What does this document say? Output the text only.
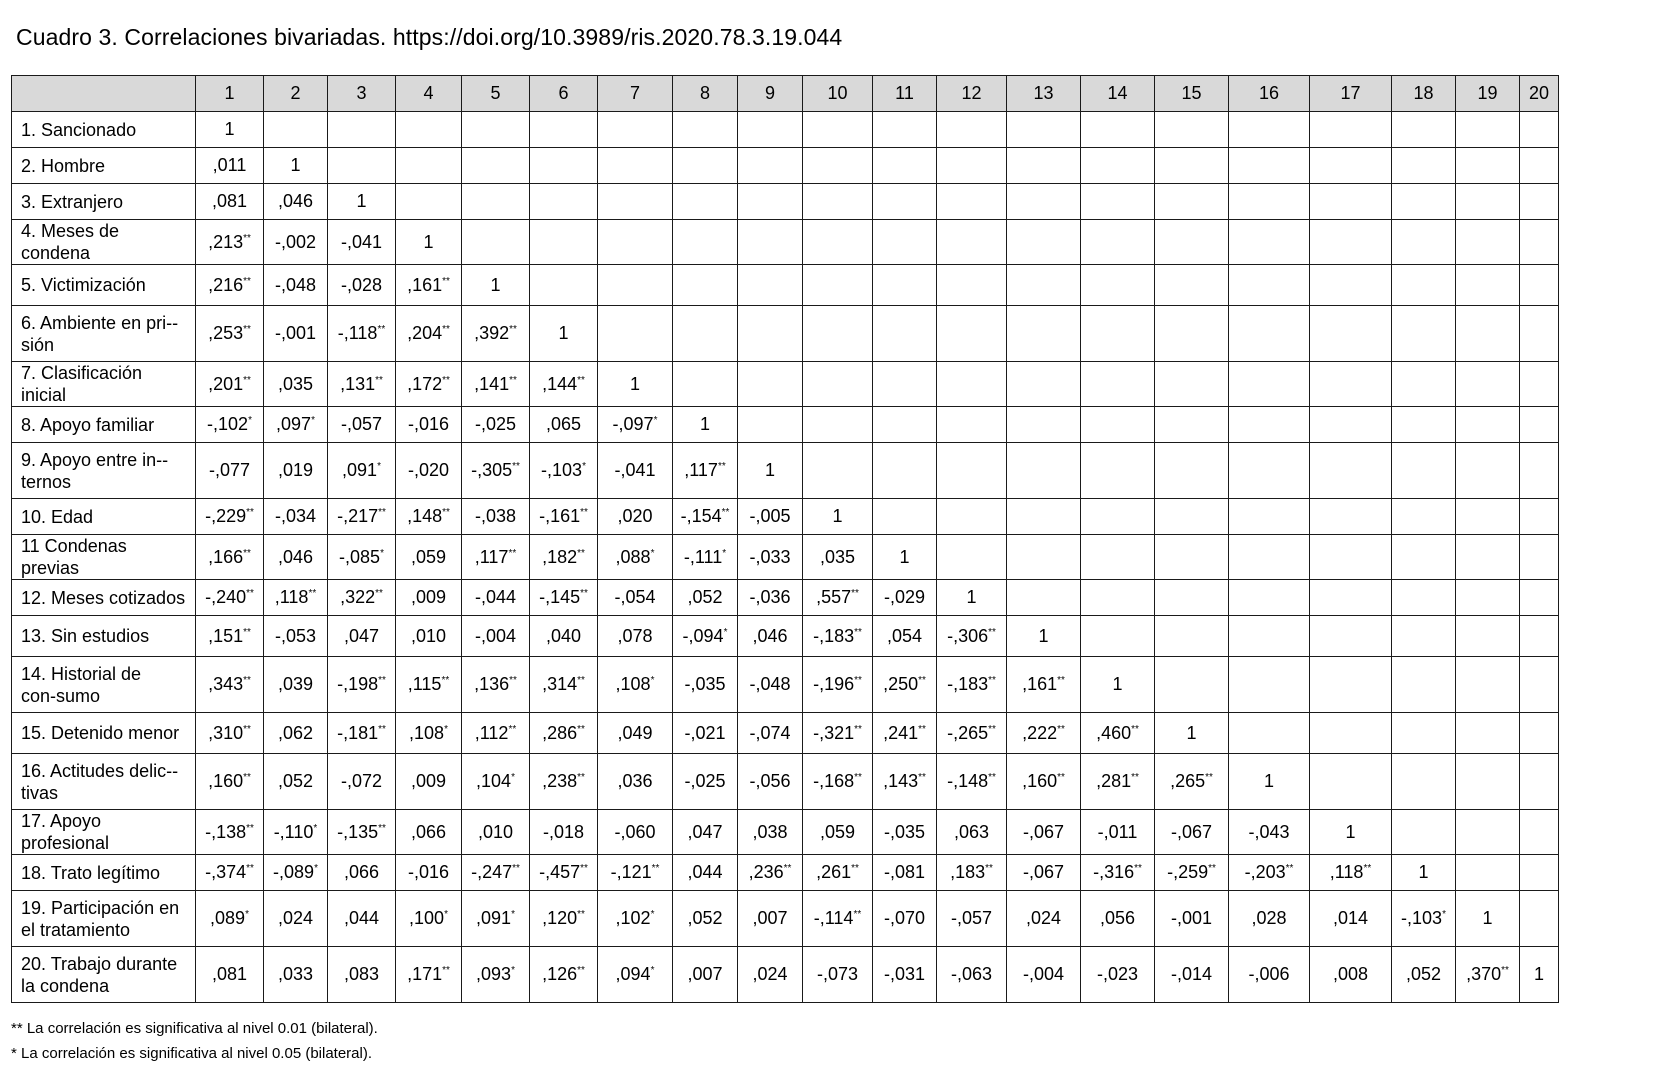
Cuadro 3. Correlaciones bivariadas. https://doi.org/10.3989/ris.2020.78.3.19.044
	1	2	3	4	5	6	7	8	9	10	11	12	13	14	15	16	17	18	19	20
1. Sancionado	1																			
2. Hombre	,011	1																		
3. Extranjero	,081	,046	1																	
4. Meses de condena	,213**	-,002	-,041	1																
5. Victimización	,216**	-,048	-,028	,161**	1															
6. Ambiente en pri-sión	,253**	-,001	-,118**	,204**	,392**	1														
7. Clasificación inicial	,201**	,035	,131**	,172**	,141**	,144**	1													
8. Apoyo familiar	-,102*	,097*	-,057	-,016	-,025	,065	-,097*	1												
9. Apoyo entre in-ternos	-,077	,019	,091*	-,020	-,305**	-,103*	-,041	,117**	1											
10. Edad	-,229**	-,034	-,217**	,148**	-,038	-,161**	,020	-,154**	-,005	1										
11 Condenas previas	,166**	,046	-,085*	,059	,117**	,182**	,088*	-,111*	-,033	,035	1									
12. Meses cotizados	-,240**	,118**	,322**	,009	-,044	-,145**	-,054	,052	-,036	,557**	-,029	1								
13. Sin estudios	,151**	-,053	,047	,010	-,004	,040	,078	-,094*	,046	-,183**	,054	-,306**	1							
14. Historial de con-sumo	,343**	,039	-,198**	,115**	,136**	,314**	,108*	-,035	-,048	-,196**	,250**	-,183**	,161**	1						
15. Detenido menor	,310**	,062	-,181**	,108*	,112**	,286**	,049	-,021	-,074	-,321**	,241**	-,265**	,222**	,460**	1					
16. Actitudes delic-tivas	,160**	,052	-,072	,009	,104*	,238**	,036	-,025	-,056	-,168**	,143**	-,148**	,160**	,281**	,265**	1				
17. Apoyo profesional	-,138**	-,110*	-,135**	,066	,010	-,018	-,060	,047	,038	,059	-,035	,063	-,067	-,011	-,067	-,043	1			
18. Trato legítimo	-,374**	-,089*	,066	-,016	-,247**	-,457**	-,121**	,044	,236**	,261**	-,081	,183**	-,067	-,316**	-,259**	-,203**	,118**	1		
19. Participación en el tratamiento	,089*	,024	,044	,100*	,091*	,120**	,102*	,052	,007	-,114**	-,070	-,057	,024	,056	-,001	,028	,014	-,103*	1	
20. Trabajo durante la condena	,081	,033	,083	,171**	,093*	,126**	,094*	,007	,024	-,073	-,031	-,063	-,004	-,023	-,014	-,006	,008	,052	,370**	1
** La correlación es significativa al nivel 0.01 (bilateral).
* La correlación es significativa al nivel 0.05 (bilateral).
